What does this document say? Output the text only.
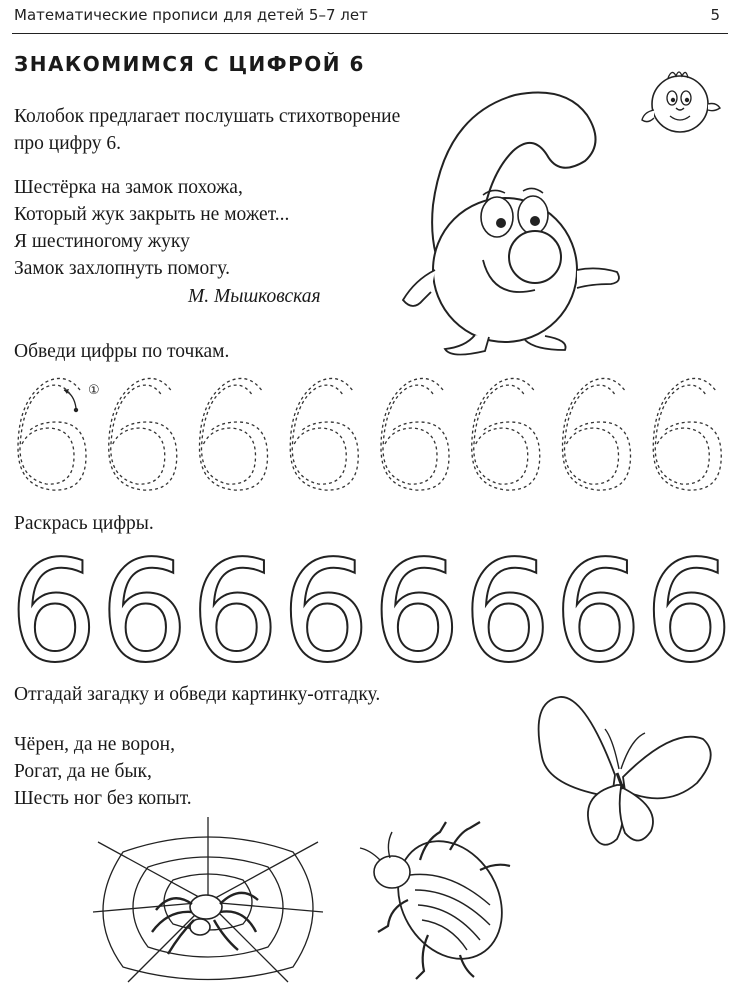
Математические прописи для детей 5–7 лет	5
ЗНАКОМИМСЯ С ЦИФРОЙ 6
Колобок предлагает послушать стихотворение
про цифру 6.
Шестёрка на замок похожа,
Который жук закрыть не может...
Я шестиногому жуку
Замок захлопнуть помогу.
М. Мышковская
Обведи цифры по точкам.
①
Раскрась цифры.
6 6 6 6 6 6 6 6
Отгадай загадку и обведи картинку-отгадку.
Чёрен, да не ворон,
Рогат, да не бык,
Шесть ног без копыт.
